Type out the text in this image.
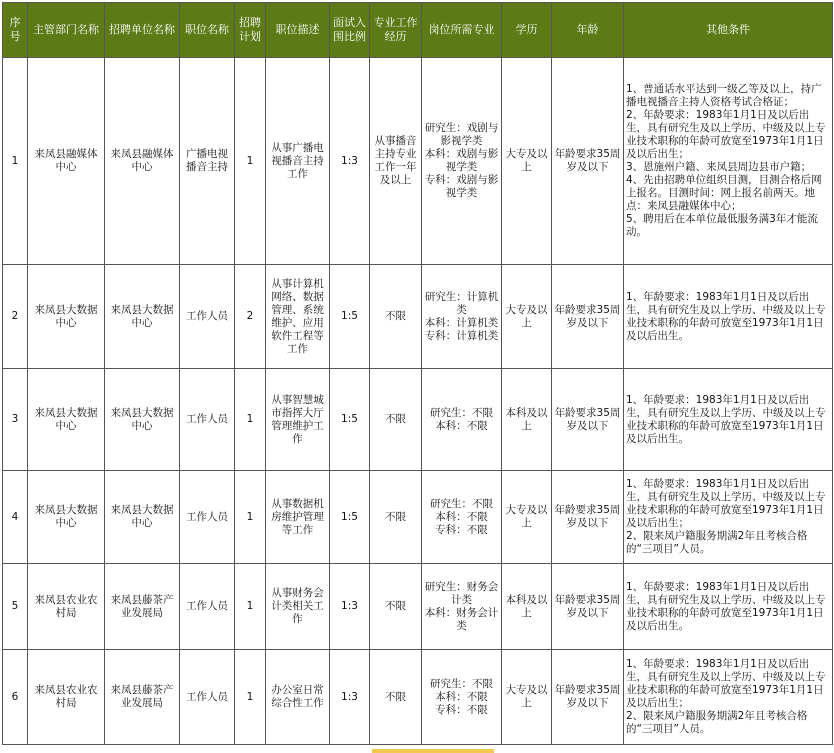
序号	主管部门名称	招聘单位名称	职位名称	招聘计划	职位描述	面试入围比例	专业工作经历	岗位所需专业	学历	年龄	其他条件
1	来凤县融媒体中心	来凤县融媒体中心	广播电视播音主持	1	从事广播电视播音主持工作	1:3	从事播音主持专业工作一年及以上	研究生：戏剧与影视学类
本科：戏剧与影视学类
专科：戏剧与影视学类	大专及以上	年龄要求35周岁及以下	1、普通话水平达到一级乙等及以上，持广播电视播音主持人资格考试合格证；
2、年龄要求：1983年1月1日及以后出生，具有研究生及以上学历、中级及以上专业技术职称的年龄可放宽至1973年1月1日及以后出生；
3、恩施州户籍、来凤县周边县市户籍；
4、先由招聘单位组织目测，目测合格后网上报名。目测时间：网上报名前两天。地点：来凤县融媒体中心；
5、聘用后在本单位最低服务满3年才能流动。

2	来凤县大数据中心	来凤县大数据中心	工作人员	2	从事计算机网络、数据管理、系统维护、应用软件工程等工作	1:5	不限	研究生：计算机类
本科：计算机类
专科：计算机类	大专及以上	年龄要求35周岁及以下	1、年龄要求：1983年1月1日及以后出生，具有研究生及以上学历、中级及以上专业技术职称的年龄可放宽至1973年1月1日及以后出生。

3	来凤县大数据中心	来凤县大数据中心	工作人员	1	从事智慧城市指挥大厅管理维护工作	1:5	不限	研究生：不限
本科：不限	本科及以上	年龄要求35周岁及以下	1、年龄要求：1983年1月1日及以后出生，具有研究生及以上学历、中级及以上专业技术职称的年龄可放宽至1973年1月1日及以后出生。

4	来凤县大数据中心	来凤县大数据中心	工作人员	1	从事数据机房维护管理等工作	1:5	不限	研究生：不限
本科：不限
专科：不限	大专及以上	年龄要求35周岁及以下	1、年龄要求：1983年1月1日及以后出生，具有研究生及以上学历、中级及以上专业技术职称的年龄可放宽至1973年1月1日及以后出生；
2、限来凤户籍服务期满2年且考核合格的“三项目”人员。

5	来凤县农业农村局	来凤县藤茶产业发展局	工作人员	1	从事财务会计类相关工作	1:3	不限	研究生：财务会计类
本科：财务会计类	本科及以上	年龄要求35周岁及以下	1、年龄要求：1983年1月1日及以后出生，具有研究生及以上学历、中级及以上专业技术职称的年龄可放宽至1973年1月1日及以后出生。

6	来凤县农业农村局	来凤县藤茶产业发展局	工作人员	1	办公室日常综合性工作	1:3	不限	研究生：不限
本科：不限
专科：不限	大专及以上	年龄要求35周岁及以下	1、年龄要求：1983年1月1日及以后出生，具有研究生及以上学历、中级及以上专业技术职称的年龄可放宽至1973年1月1日及以后出生；
2、限来凤户籍服务期满2年且考核合格的“三项目”人员。
